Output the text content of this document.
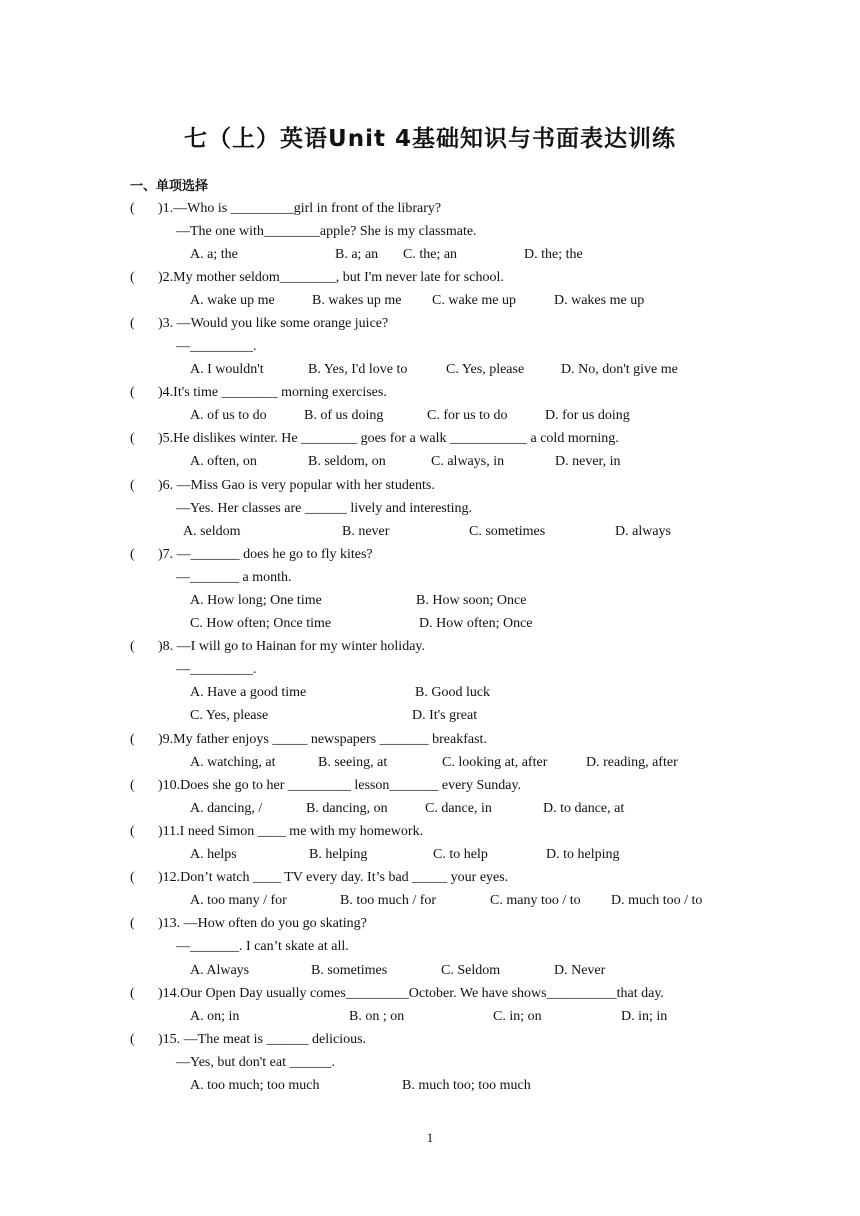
七（上）英语Unit 4基础知识与书面表达训练
一、单项选择
( )1.—Who is _________girl in front of the library?
—The one with________apple? She is my classmate.
A. a; the	B. a; an C. the; an	D. the; the
( )2.My mother seldom________, but I'm never late for school.
A. wake up me	B. wakes up me C. wake me up	D. wakes me up
( )3. —Would you like some orange juice?
—_________.
A. I wouldn't	B. Yes, I'd love to	C. Yes, please	D. No, don't give me
( )4.It's time ________ morning exercises.
A. of us to do	B. of us doing	C. for us to do	D. for us doing
( )5.He dislikes winter. He ________ goes for a walk ___________ a cold morning.
A. often, on	B. seldom, on	C. always, in	D. never, in
( )6. —Miss Gao is very popular with her students.
—Yes. Her classes are ______ lively and interesting.
A. seldom	B. never	C. sometimes	D. always
( )7. —_______ does he go to fly kites?
—_______ a month.
A. How long; One time	B. How soon; Once
C. How often; Once time	D. How often; Once
( )8. —I will go to Hainan for my winter holiday.
—_________.
A. Have a good time	B. Good luck
C. Yes, please	D. It's great
( )9.My father enjoys _____ newspapers _______ breakfast.
A. watching, at	B. seeing, at	C. looking at, after	D. reading, after
( )10.Does she go to her _________ lesson_______ every Sunday.
A. dancing, /	B. dancing, on	C. dance, in	D. to dance, at
( )11.I need Simon ____ me with my homework.
A. helps	B. helping	C. to help	D. to helping
( )12.Don’t watch ____ TV every day. It’s bad _____ your eyes.
A. too many / for	B. too much / for	C. many too / to D. much too / to
( )13. —How often do you go skating?
—_______. I can’t skate at all.
A. Always	B. sometimes	C. Seldom	D. Never
( )14.Our Open Day usually comes_________October. We have shows__________that day.
A. on; in	B. on ; on	C. in; on	D. in; in
( )15. —The meat is ______ delicious.
—Yes, but don't eat ______.
A. too much; too much	B. much too; too much
1
